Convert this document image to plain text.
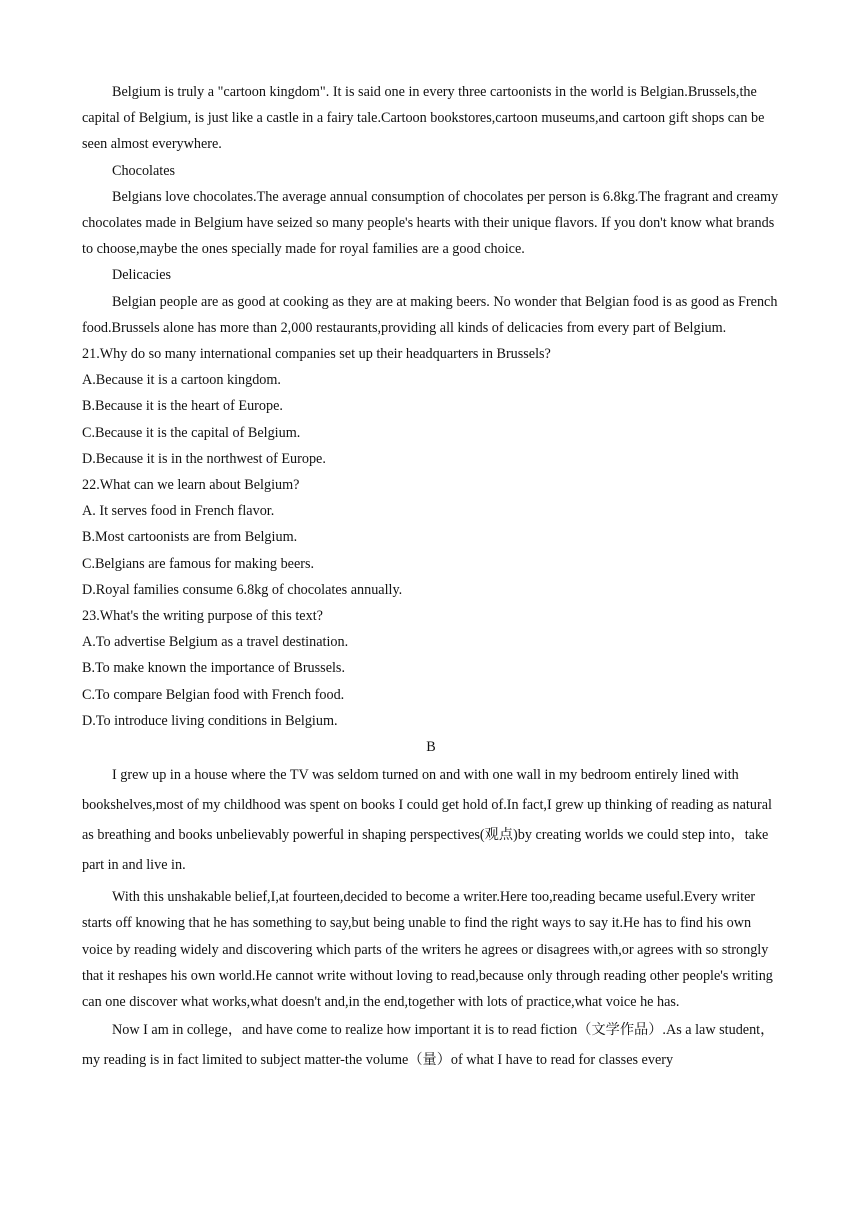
Belgium is truly a "cartoon kingdom". It is said one in every three cartoonists in the world is Belgian.Brussels,the capital of Belgium, is just like a castle in a fairy tale.Cartoon bookstores,cartoon museums,and cartoon gift shops can be seen almost everywhere.

Chocolates

Belgians love chocolates.The average annual consumption of chocolates per person is 6.8kg.The fragrant and creamy chocolates made in Belgium have seized so many people's hearts with their unique flavors. If you don't know what brands to choose,maybe the ones specially made for royal families are a good choice.

Delicacies

Belgian people are as good at cooking as they are at making beers. No wonder that Belgian food is as good as French food.Brussels alone has more than 2,000 restaurants,providing all kinds of delicacies from every part of Belgium.

21.Why do so many international companies set up their headquarters in Brussels?

A.Because it is a cartoon kingdom.

B.Because it is the heart of Europe.

C.Because it is the capital of Belgium.

D.Because it is in the northwest of Europe.

22.What can we learn about Belgium?

A. It serves food in French flavor.

B.Most cartoonists are from Belgium.

C.Belgians are famous for making beers.

D.Royal families consume 6.8kg of chocolates annually.

23.What's the writing purpose of this text?

A.To advertise Belgium as a travel destination.

B.To make known the importance of Brussels.

C.To compare Belgian food with French food.

D.To introduce living conditions in Belgium.

B

I grew up in a house where the TV was seldom turned on and with one wall in my bedroom entirely lined with bookshelves,most of my childhood was spent on books I could get hold of.In fact,I grew up thinking of reading as natural as breathing and books unbelievably powerful in shaping perspectives(观点)by creating worlds we could step into，take part in and live in.

With this unshakable belief,I,at fourteen,decided to become a writer.Here too,reading became useful.Every writer starts off knowing that he has something to say,but being unable to find the right ways to say it.He has to find his own voice by reading widely and discovering which parts of the writers he agrees or disagrees with,or agrees with so strongly that it reshapes his own world.He cannot write without loving to read,because only through reading other people's writing can one discover what works,what doesn't and,in the end,together with lots of practice,what voice he has.

Now I am in college，and have come to realize how important it is to read fiction（文学作品）.As a law student，my reading is in fact limited to subject matter-the volume（量）of what I have to read for classes every
